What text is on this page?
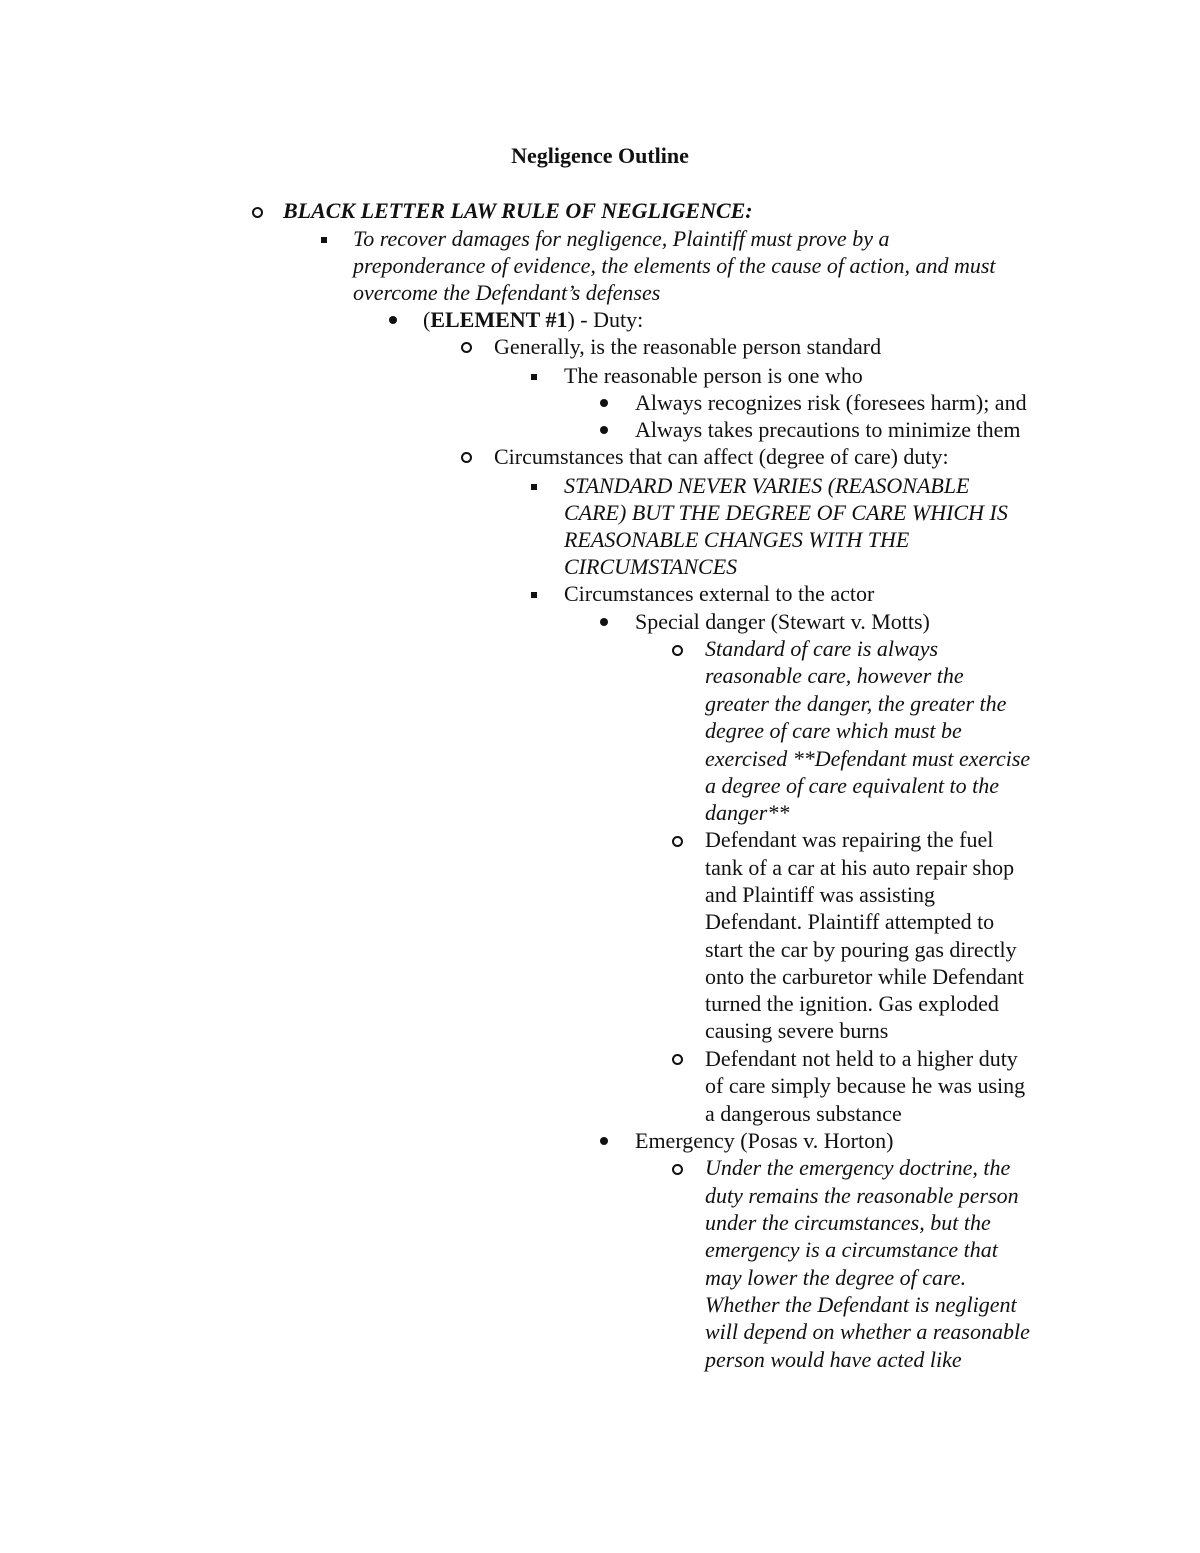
Negligence Outline
BLACK LETTER LAW RULE OF NEGLIGENCE:
To recover damages for negligence, Plaintiff must prove by a
preponderance of evidence, the elements of the cause of action, and must
overcome the Defendant’s defenses
(ELEMENT #1) - Duty:
Generally, is the reasonable person standard
The reasonable person is one who
Always recognizes risk (foresees harm); and
Always takes precautions to minimize them
Circumstances that can affect (degree of care) duty:
STANDARD NEVER VARIES (REASONABLE
CARE) BUT THE DEGREE OF CARE WHICH IS
REASONABLE CHANGES WITH THE
CIRCUMSTANCES
Circumstances external to the actor
Special danger (Stewart v. Motts)
Standard of care is always
reasonable care, however the
greater the danger, the greater the
degree of care which must be
exercised **Defendant must exercise
a degree of care equivalent to the
danger**
Defendant was repairing the fuel
tank of a car at his auto repair shop
and Plaintiff was assisting
Defendant. Plaintiff attempted to
start the car by pouring gas directly
onto the carburetor while Defendant
turned the ignition. Gas exploded
causing severe burns
Defendant not held to a higher duty
of care simply because he was using
a dangerous substance
Emergency (Posas v. Horton)
Under the emergency doctrine, the
duty remains the reasonable person
under the circumstances, but the
emergency is a circumstance that
may lower the degree of care.
Whether the Defendant is negligent
will depend on whether a reasonable
person would have acted like
